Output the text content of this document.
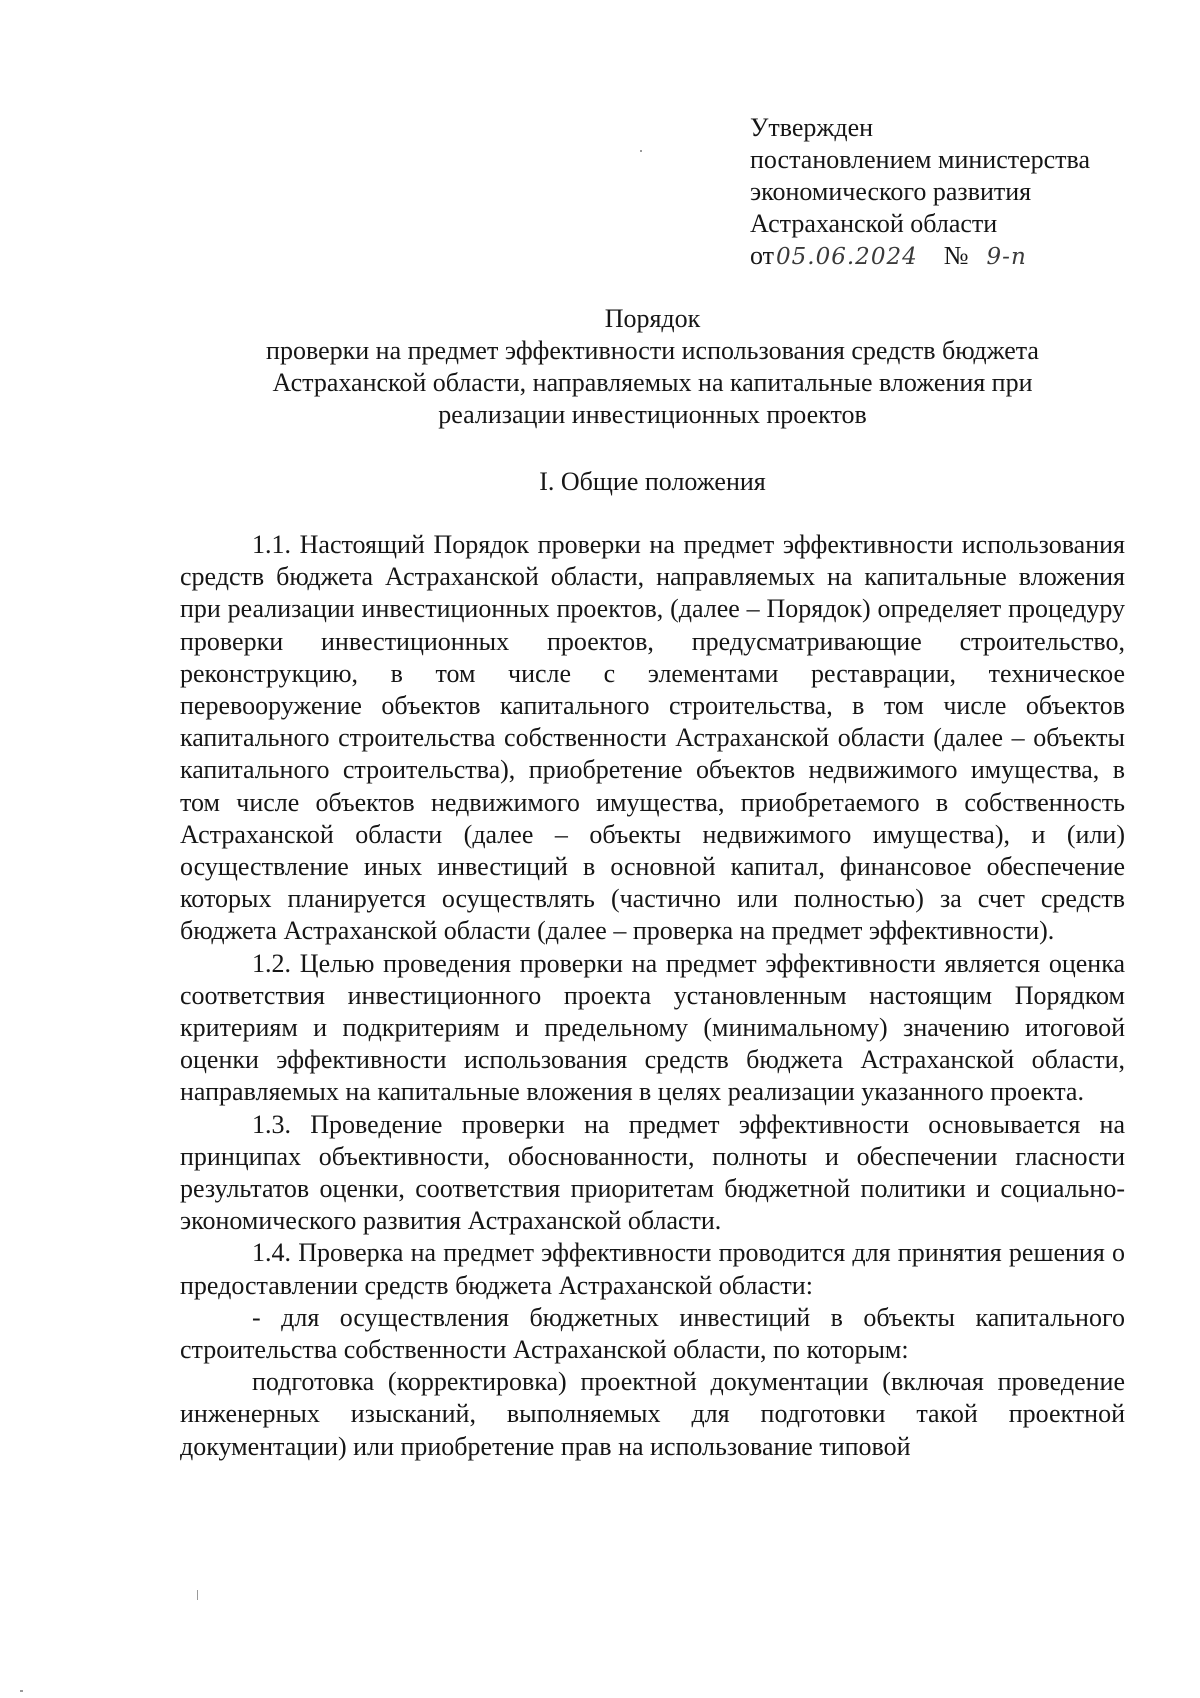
Утвержден
постановлением министерства
экономического развития
Астраханской области
от05.06.2024 № 9-п
Порядок
проверки на предмет эффективности использования средств бюджета
Астраханской области, направляемых на капитальные вложения при
реализации инвестиционных проектов
I. Общие положения

1.1. Настоящий Порядок проверки на предмет эффективности использования средств бюджета Астраханской области, направляемых на капитальные вложения при реализации инвестиционных проектов, (далее – Порядок) определяет процедуру проверки инвестиционных проектов, предусматривающие строительство, реконструкцию, в том числе с элементами реставрации, техническое перевооружение объектов капитального строительства, в том числе объектов капитального строительства собственности Астраханской области (далее – объекты капитального строительства), приобретение объектов недвижимого имущества, в том числе объектов недвижимого имущества, приобретаемого в собственность Астраханской области (далее – объекты недвижимого имущества), и (или) осуществление иных инвестиций в основной капитал, финансовое обеспечение которых планируется осуществлять (частично или полностью) за счет средств бюджета Астраханской области (далее – проверка на предмет эффективности).

1.2. Целью проведения проверки на предмет эффективности является оценка соответствия инвестиционного проекта установленным настоящим Порядком критериям и подкритериям и предельному (минимальному) значению итоговой оценки эффективности использования средств бюджета Астраханской области, направляемых на капитальные вложения в целях реализации указанного проекта.

1.3. Проведение проверки на предмет эффективности основывается на принципах объективности, обоснованности, полноты и обеспечении гласности результатов оценки, соответствия приоритетам бюджетной политики и социально-экономического развития Астраханской области.

1.4. Проверка на предмет эффективности проводится для принятия решения о предоставлении средств бюджета Астраханской области:

- для осуществления бюджетных инвестиций в объекты капитального строительства собственности Астраханской области, по которым:

подготовка (корректировка) проектной документации (включая проведение инженерных изысканий, выполняемых для подготовки такой проектной документации) или приобретение прав на использование типовой
